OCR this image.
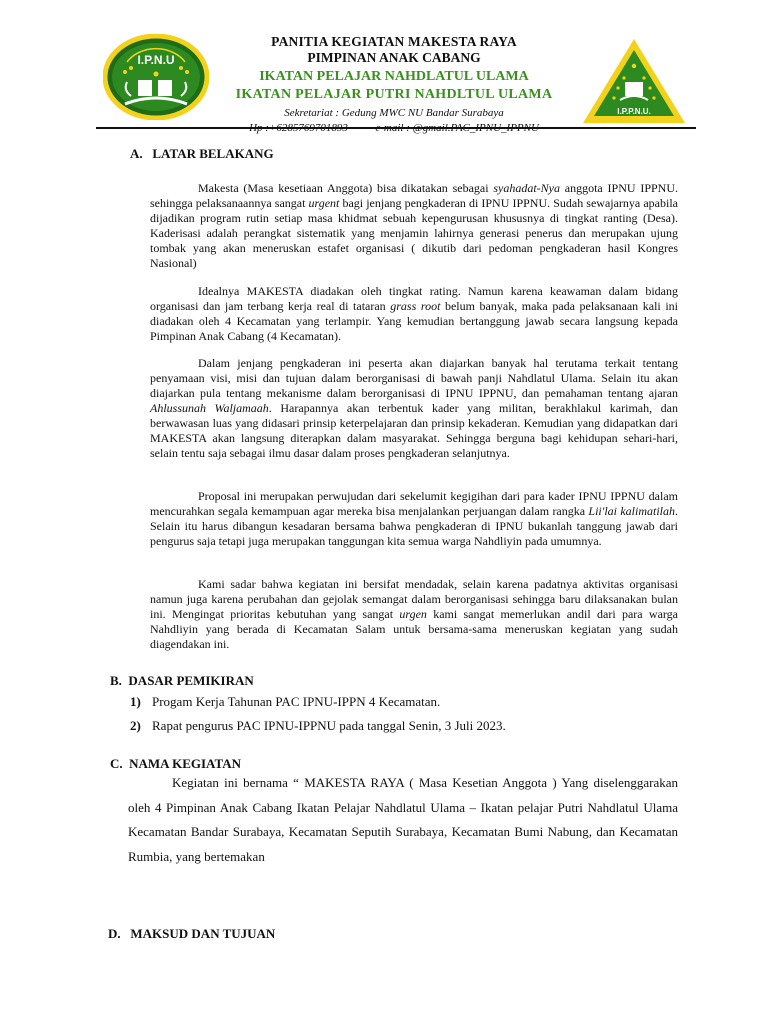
I.P.N.U
PANITIA KEGIATAN MAKESTA RAYA
PIMPINAN ANAK CABANG
IKATAN PELAJAR NAHDLATUL ULAMA
IKATAN PELAJAR PUTRI NAHDLTUL ULAMA
Sekretariat : Gedung MWC NU Bandar Surabaya
	I.P.P.N.U.
A. LATAR BELAKANG
Makesta (Masa kesetiaan Anggota) bisa dikatakan sebagai syahadat-Nya anggota IPNU IPPNU. sehingga pelaksanaannya sangat urgent bagi jenjang pengkaderan di IPNU IPPNU. Sudah sewajarnya apabila dijadikan program rutin setiap masa khidmat sebuah kepengurusan khususnya di tingkat ranting (Desa). Kaderisasi adalah perangkat sistematik yang menjamin lahirnya generasi penerus dan merupakan ujung tombak yang akan meneruskan estafet organisasi ( dikutib dari pedoman pengkaderan hasil Kongres Nasional)
Idealnya MAKESTA diadakan oleh tingkat rating. Namun karena keawaman dalam bidang organisasi dan jam terbang kerja real di tataran grass root belum banyak, maka pada pelaksanaan kali ini diadakan oleh 4 Kecamatan yang terlampir. Yang kemudian bertanggung jawab secara langsung kepada Pimpinan Anak Cabang (4 Kecamatan).
Dalam jenjang pengkaderan ini peserta akan diajarkan banyak hal terutama terkait tentang penyamaan visi, misi dan tujuan dalam berorganisasi di bawah panji Nahdlatul Ulama. Selain itu akan diajarkan pula tentang mekanisme dalam berorganisasi di IPNU IPPNU, dan pemahaman tentang ajaran Ahlussunah Waljamaah. Harapannya akan terbentuk kader yang militan, berakhlakul karimah, dan berwawasan luas yang didasari prinsip keterpelajaran dan prinsip kekaderan. Kemudian yang didapatkan dari MAKESTA akan langsung diterapkan dalam masyarakat. Sehingga berguna bagi kehidupan sehari-hari, selain tentu saja sebagai ilmu dasar dalam proses pengkaderan selanjutnya.
Proposal ini merupakan perwujudan dari sekelumit kegigihan dari para kader IPNU IPPNU dalam mencurahkan segala kemampuan agar mereka bisa menjalankan perjuangan dalam rangka Lii'lai kalimatilah. Selain itu harus dibangun kesadaran bersama bahwa pengkaderan di IPNU bukanlah tanggung jawab dari pengurus saja tetapi juga merupakan tanggungan kita semua warga Nahdliyin pada umumnya.
Kami sadar bahwa kegiatan ini bersifat mendadak, selain karena padatnya aktivitas organisasi namun juga karena perubahan dan gejolak semangat dalam berorganisasi sehingga baru dilaksanakan bulan ini. Mengingat prioritas kebutuhan yang sangat urgen kami sangat memerlukan andil dari para warga Nahdliyin yang berada di Kecamatan Salam untuk bersama-sama meneruskan kegiatan yang sudah diagendakan ini.
B. DASAR PEMIKIRAN
1) Progam Kerja Tahunan PAC IPNU-IPPN 4 Kecamatan.
2) Rapat pengurus PAC IPNU-IPPNU pada tanggal Senin, 3 Juli 2023.
C. NAMA KEGIATAN
Kegiatan ini bernama “ MAKESTA RAYA ( Masa Kesetian Anggota ) Yang diselenggarakan oleh 4 Pimpinan Anak Cabang Ikatan Pelajar Nahdlatul Ulama – Ikatan pelajar Putri Nahdlatul Ulama Kecamatan Bandar Surabaya, Kecamatan Seputih Surabaya, Kecamatan Bumi Nabung, dan Kecamatan Rumbia, yang bertemakan
D. MAKSUD DAN TUJUAN
